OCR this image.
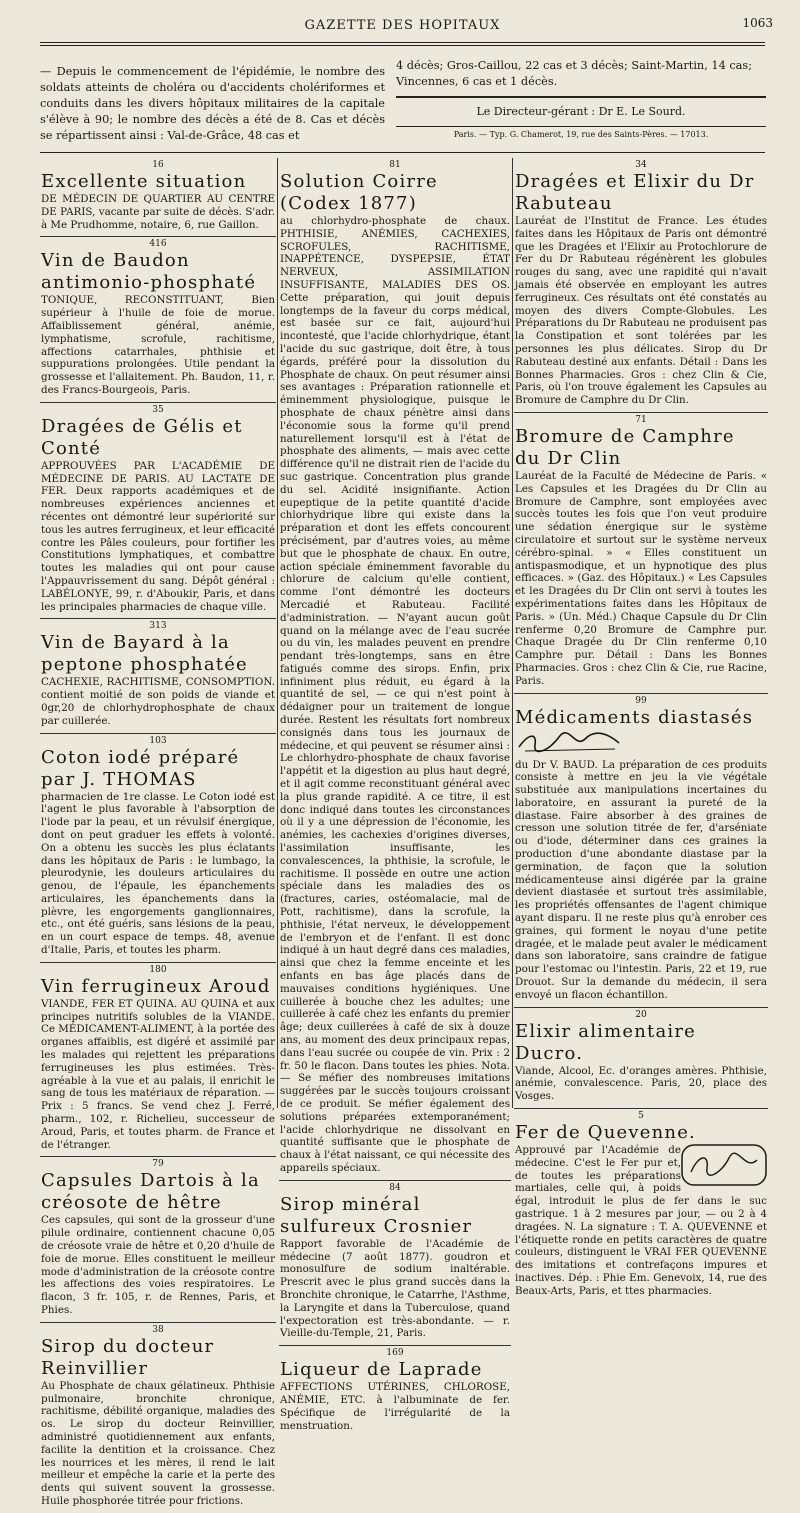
GAZETTE DES HOPITAUX	1063
— Depuis le commencement de l'épidémie, le nombre des soldats atteints de choléra ou d'accidents cholériformes et conduits dans les divers hôpitaux militaires de la capitale s'élève à 90; le nombre des décès a été de 8. Cas et décès se répartissent ainsi : Val-de-Grâce, 48 cas et
4 décès; Gros-Caillou, 22 cas et 3 décès; Saint-Martin, 14 cas; Vincennes, 6 cas et 1 décès.
Le Directeur-gérant : Dr E. Le Sourd.
Paris. — Typ. G. Chamerot, 19, rue des Saints-Pères. — 17013.
16
Excellente situation

DE MÉDECIN DE QUARTIER AU CENTRE DE PARIS, vacante par suite de décès. S'adr. à Me Prudhomme, notaire, 6, rue Gaillon.

416
Vin de Baudon antimonio-phosphaté

TONIQUE, RECONSTITUANT, Bien supérieur à l'huile de foie de morue. Affaiblissement général, anémie, lymphatisme, scrofule, rachitisme, affections catarrhales, phthisie et suppurations prolongées. Utile pendant la grossesse et l'allaitement. Ph. Baudon, 11, r. des Francs-Bourgeois, Paris.

35
Dragées de Gélis et Conté

APPROUVÉES PAR L'ACADÉMIE DE MÉDECINE DE PARIS. AU LACTATE DE FER. Deux rapports académiques et de nombreuses expériences anciennes et récentes ont démontré leur supériorité sur tous les autres ferrugineux, et leur efficacité contre les Pâles couleurs, pour fortifier les Constitutions lymphatiques, et combattre toutes les maladies qui ont pour cause l'Appauvrissement du sang. Dépôt général : LABÉLONYE, 99, r. d'Aboukir, Paris, et dans les principales pharmacies de chaque ville.

313
Vin de Bayard à la peptone phosphatée

CACHEXIE, RACHITISME, CONSOMPTION. contient moitié de son poids de viande et 0gr,20 de chlorhydrophosphate de chaux par cuillerée.

103
Coton iodé préparé par J. THOMAS

pharmacien de 1re classe. Le Coton iodé est l'agent le plus favorable à l'absorption de l'iode par la peau, et un révulsif énergique, dont on peut graduer les effets à volonté. On a obtenu les succès les plus éclatants dans les hôpitaux de Paris : le lumbago, la pleurodynie, les douleurs articulaires du genou, de l'épaule, les épanchements articulaires, les épanchements dans la plèvre, les engorgements ganglionnaires, etc., ont été guéris, sans lésions de la peau, en un court espace de temps. 48, avenue d'Italie, Paris, et toutes les pharm.

180
Vin ferrugineux Aroud

VIANDE, FER ET QUINA. AU QUINA et aux principes nutritifs solubles de la VIANDE. Ce MÉDICAMENT-ALIMENT, à la portée des organes affaiblis, est digéré et assimilé par les malades qui rejettent les préparations ferrugineuses les plus estimées. Très-agréable à la vue et au palais, il enrichit le sang de tous les matériaux de réparation. — Prix : 5 francs. Se vend chez J. Ferré, pharm., 102, r. Richelieu, successeur de Aroud, Paris, et toutes pharm. de France et de l'étranger.

79
Capsules Dartois à la créosote de hêtre

Ces capsules, qui sont de la grosseur d'une pilule ordinaire, contiennent chacune 0,05 de créosote vraie de hêtre et 0,20 d'huile de foie de morue. Elles constituent le meilleur mode d'administration de la créosote contre les affections des voies respiratoires. Le flacon, 3 fr. 105, r. de Rennes, Paris, et Phies.

38
Sirop du docteur Reinvillier

Au Phosphate de chaux gélatineux. Phthisie pulmonaire, bronchite chronique, rachitisme, débilité organique, maladies des os. Le sirop du docteur Reinvillier, administré quotidiennement aux enfants, facilite la dentition et la croissance. Chez les nourrices et les mères, il rend le lait meilleur et empêche la carie et la perte des dents qui suivent souvent la grossesse. Huile phosphorée titrée pour frictions.

81
Solution Coirre (Codex 1877)

au chlorhydro-phosphate de chaux. PHTHISIE, ANÉMIES, CACHEXIES, SCROFULES, RACHITISME, INAPPÉTENCE, DYSPEPSIE, ÉTAT NERVEUX, ASSIMILATION INSUFFISANTE, MALADIES DES OS. Cette préparation, qui jouit depuis longtemps de la faveur du corps médical, est basée sur ce fait, aujourd'hui incontesté, que l'acide chlorhydrique, étant l'acide du suc gastrique, doit être, à tous égards, préféré pour la dissolution du Phosphate de chaux. On peut résumer ainsi ses avantages : Préparation rationnelle et éminemment physiologique, puisque le phosphate de chaux pénètre ainsi dans l'économie sous la forme qu'il prend naturellement lorsqu'il est à l'état de phosphate des aliments, — mais avec cette différence qu'il ne distrait rien de l'acide du suc gastrique. Concentration plus grande du sel. Acidité insignifiante. Action eupeptique de la petite quantité d'acide chlorhydrique libre qui existe dans la préparation et dont les effets concourent précisément, par d'autres voies, au même but que le phosphate de chaux. En outre, action spéciale éminemment favorable du chlorure de calcium qu'elle contient, comme l'ont démontré les docteurs Mercadié et Rabuteau. Facilité d'administration. — N'ayant aucun goût quand on la mélange avec de l'eau sucrée ou du vin, les malades peuvent en prendre pendant très-longtemps, sans en être fatigués comme des sirops. Enfin, prix infiniment plus réduit, eu égard à la quantité de sel, — ce qui n'est point à dédaigner pour un traitement de longue durée. Restent les résultats fort nombreux consignés dans tous les journaux de médecine, et qui peuvent se résumer ainsi : Le chlorhydro-phosphate de chaux favorise l'appétit et la digestion au plus haut degré, et il agit comme reconstituant général avec la plus grande rapidité. A ce titre, il est donc indiqué dans toutes les circonstances où il y a une dépression de l'économie, les anémies, les cachexies d'origines diverses, l'assimilation insuffisante, les convalescences, la phthisie, la scrofule, le rachitisme. Il possède en outre une action spéciale dans les maladies des os (fractures, caries, ostéomalacie, mal de Pott, rachitisme), dans la scrofule, la phthisie, l'état nerveux, le développement de l'embryon et de l'enfant. Il est donc indiqué à un haut degré dans ces maladies, ainsi que chez la femme enceinte et les enfants en bas âge placés dans de mauvaises conditions hygiéniques. Une cuillerée à bouche chez les adultes; une cuillerée à café chez les enfants du premier âge; deux cuillerées à café de six à douze ans, au moment des deux principaux repas, dans l'eau sucrée ou coupée de vin. Prix : 2 fr. 50 le flacon. Dans toutes les phies. Nota. — Se méfier des nombreuses imitations suggérées par le succès toujours croissant de ce produit. Se méfier également des solutions préparées extemporanément; l'acide chlorhydrique ne dissolvant en quantité suffisante que le phosphate de chaux à l'état naissant, ce qui nécessite des appareils spéciaux.

84
Sirop minéral sulfureux Crosnier

Rapport favorable de l'Académie de médecine (7 août 1877). goudron et monosulfure de sodium inaltérable. Prescrit avec le plus grand succès dans la Bronchite chronique, le Catarrhe, l'Asthme, la Laryngite et dans la Tuberculose, quand l'expectoration est très-abondante. — r. Vieille-du-Temple, 21, Paris.

169
Liqueur de Laprade

AFFECTIONS UTÉRINES, CHLOROSE, ANÉMIE, ETC. à l'albuminate de fer. Spécifique de l'irrégularité de la menstruation.

34
Dragées et Elixir du Dr Rabuteau

Lauréat de l'Institut de France. Les études faites dans les Hôpitaux de Paris ont démontré que les Dragées et l'Elixir au Protochlorure de Fer du Dr Rabuteau régénèrent les globules rouges du sang, avec une rapidité qui n'avait jamais été observée en employant les autres ferrugineux. Ces résultats ont été constatés au moyen des divers Compte-Globules. Les Préparations du Dr Rabuteau ne produisent pas la Constipation et sont tolérées par les personnes les plus délicates. Sirop du Dr Rabuteau destiné aux enfants. Détail : Dans les Bonnes Pharmacies. Gros : chez Clin & Cie, Paris, où l'on trouve également les Capsules au Bromure de Camphre du Dr Clin.

71
Bromure de Camphre du Dr Clin

Lauréat de la Faculté de Médecine de Paris. « Les Capsules et les Dragées du Dr Clin au Bromure de Camphre, sont employées avec succès toutes les fois que l'on veut produire une sédation énergique sur le système circulatoire et surtout sur le système nerveux cérébro-spinal. » « Elles constituent un antispasmodique, et un hypnotique des plus efficaces. » (Gaz. des Hôpitaux.) « Les Capsules et les Dragées du Dr Clin ont servi à toutes les expérimentations faites dans les Hôpitaux de Paris. » (Un. Méd.) Chaque Capsule du Dr Clin renferme 0,20 Bromure de Camphre pur. Chaque Dragée du Dr Clin renferme 0,10 Camphre pur. Détail : Dans les Bonnes Pharmacies. Gros : chez Clin & Cie, rue Racine, Paris.

99
Médicaments diastasés

du Dr V. BAUD. La préparation de ces produits consiste à mettre en jeu la vie végétale substituée aux manipulations incertaines du laboratoire, en assurant la pureté de la diastase. Faire absorber à des graines de cresson une solution titrée de fer, d'arséniate ou d'iode, déterminer dans ces graines la production d'une abondante diastase par la germination, de façon que la solution médicamenteuse ainsi digérée par la graine devient diastasée et surtout très assimilable, les propriétés offensantes de l'agent chimique ayant disparu. Il ne reste plus qu'à enrober ces graines, qui forment le noyau d'une petite dragée, et le malade peut avaler le médicament dans son laboratoire, sans craindre de fatigue pour l'estomac ou l'intestin. Paris, 22 et 19, rue Drouot. Sur la demande du médecin, il sera envoyé un flacon échantillon.

20
Elixir alimentaire Ducro.

Viande, Alcool, Ec. d'oranges amères. Phthisie, anémie, convalescence. Paris, 20, place des Vosges.

5
Fer de Quevenne.

Approuvé par l'Académie de médecine. C'est le Fer pur et, de toutes les préparations martiales, celle qui, à poids égal, introduit le plus de fer dans le suc gastrique. 1 à 2 mesures par jour, — ou 2 à 4 dragées. N. La signature : T. A. QUEVENNE et l'étiquette ronde en petits caractères de quatre couleurs, distinguent le VRAI FER QUEVENNE des imitations et contrefaçons impures et inactives. Dép. : Phie Em. Genevoix, 14, rue des Beaux-Arts, Paris, et ttes pharmacies.
